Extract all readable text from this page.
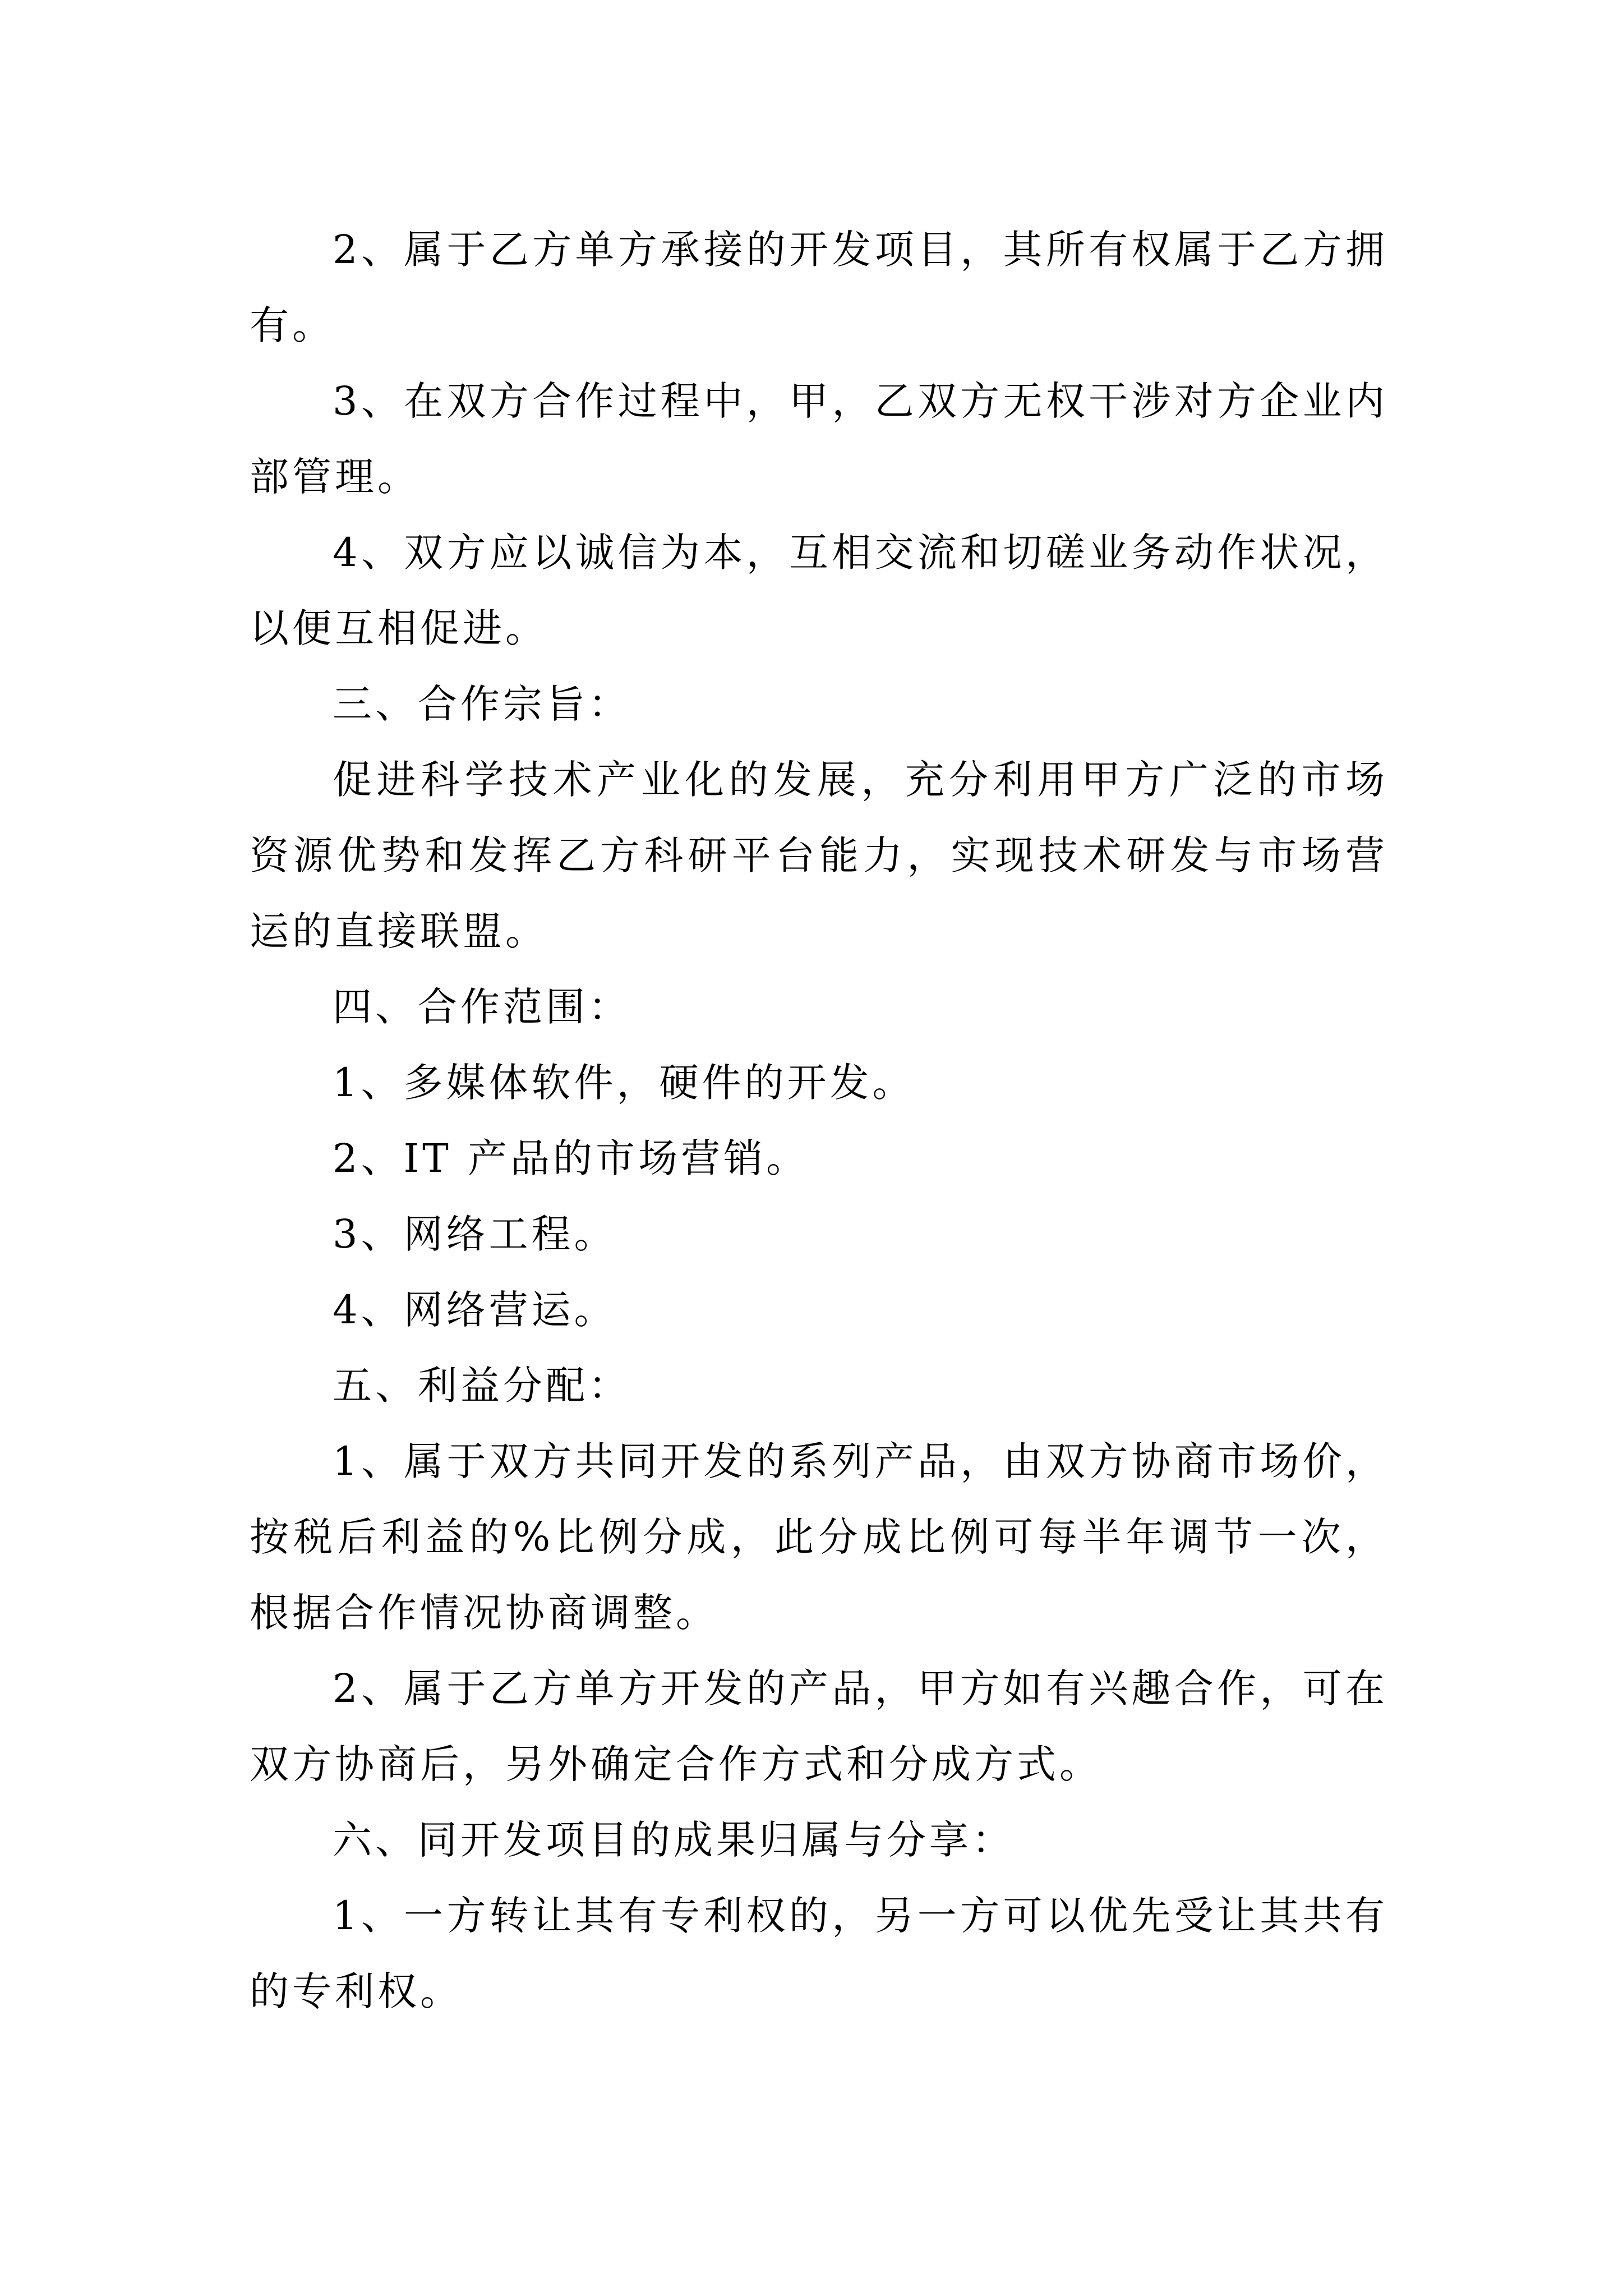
2、属于乙方单方承接的开发项目，其所有权属于乙方拥有。

3、在双方合作过程中，甲，乙双方无权干涉对方企业内部管理。

4、双方应以诚信为本，互相交流和切磋业务动作状况，以便互相促进。

三、合作宗旨：

促进科学技术产业化的发展，充分利用甲方广泛的市场资源优势和发挥乙方科研平台能力，实现技术研发与市场营运的直接联盟。

四、合作范围：

1、多媒体软件，硬件的开发。

2、IT 产品的市场营销。

3、网络工程。

4、网络营运。

五、利益分配：

1、属于双方共同开发的系列产品，由双方协商市场价，按税后利益的%比例分成，此分成比例可每半年调节一次，根据合作情况协商调整。

2、属于乙方单方开发的产品，甲方如有兴趣合作，可在双方协商后，另外确定合作方式和分成方式。

六、同开发项目的成果归属与分享：

1、一方转让其有专利权的，另一方可以优先受让其共有的专利权。
